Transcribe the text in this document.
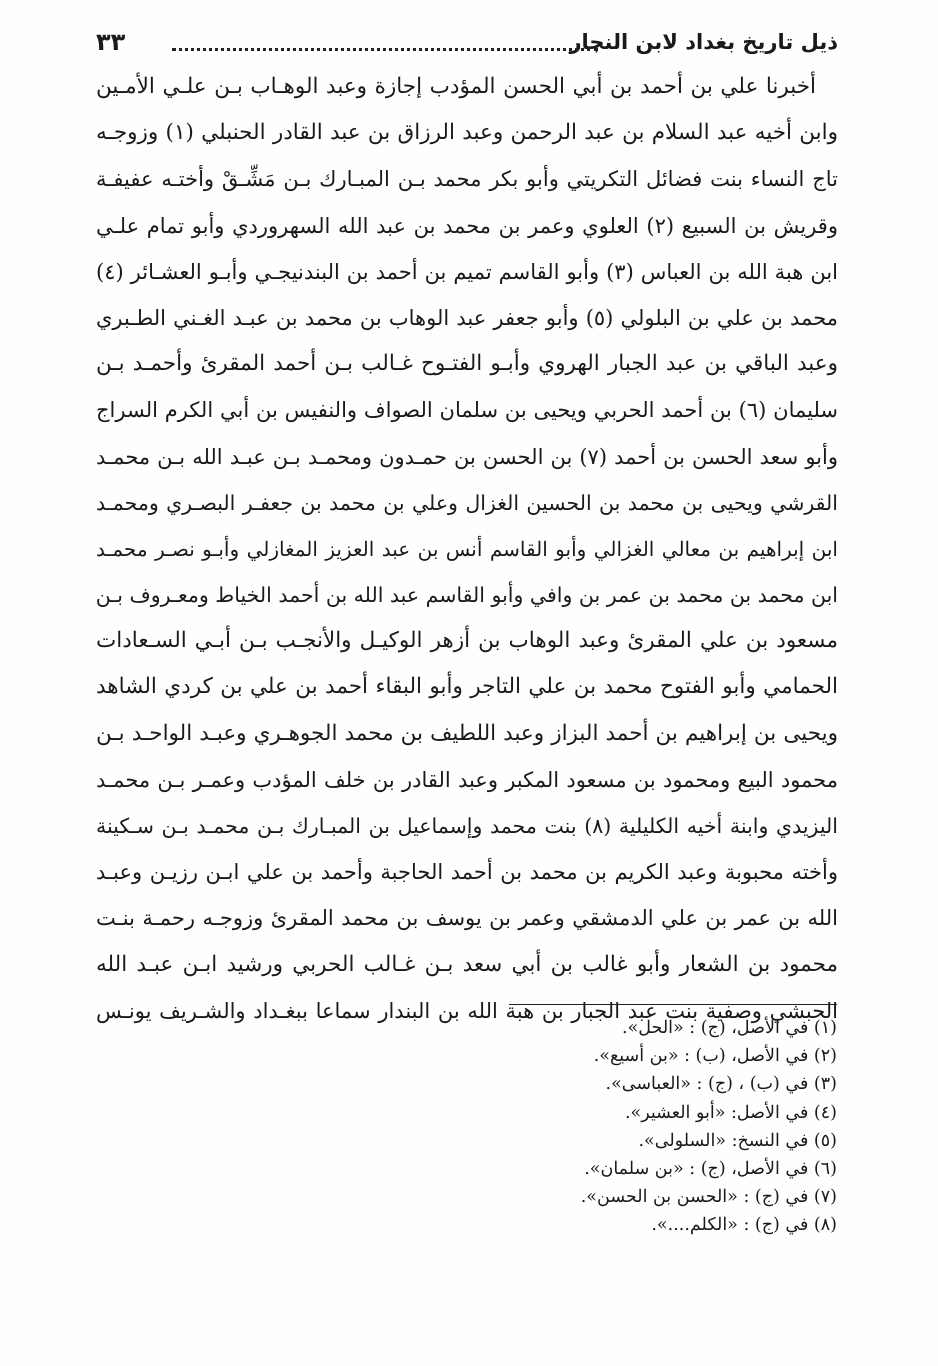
ذيل تاريخ بغداد لابن النجار
٣٣
أخبرنا علي بن أحمد بن أبي الحسن المؤدب إجازة وعبد الوهـاب بـن علـي الأمـين
وابن أخيه عبد السلام بن عبد الرحمن وعبد الرزاق بن عبد القادر الحنبلي (١) وزوجـه
تاج النساء بنت فضائل التكريتي وأبو بكر محمد بـن المبـارك بـن مَشِّـقْ وأختـه عفيفـة
وقريش بن السبيع (٢) العلوي وعمر بن محمد بن عبد الله السهروردي وأبو تمام علـي
ابن هبة الله بن العباس (٣) وأبو القاسم تميم بن أحمد بن البندنيجـي وأبـو العشـائر (٤)
محمد بن علي بن البلولي (٥) وأبو جعفر عبد الوهاب بن محمد بن عبـد الغـني الطـبري
وعبد الباقي بن عبد الجبار الهروي وأبـو الفتـوح غـالب بـن أحمد المقرئ وأحمـد بـن
سليمان (٦) بن أحمد الحربي ويحيى بن سلمان الصواف والنفيس بن أبي الكرم السراج
وأبو سعد الحسن بن أحمد (٧) بن الحسن بن حمـدون ومحمـد بـن عبـد الله بـن محمـد
القرشي ويحيى بن محمد بن الحسين الغزال وعلي بن محمد بن جعفـر البصـري ومحمـد
ابن إبراهيم بن معالي الغزالي وأبو القاسم أنس بن عبد العزيز المغازلي وأبـو نصـر محمـد
ابن محمد بن محمد بن عمر بن وافي وأبو القاسم عبد الله بن أحمد الخياط ومعـروف بـن
مسعود بن علي المقرئ وعبد الوهاب بن أزهر الوكيـل والأنجـب بـن أبـي السـعادات
الحمامي وأبو الفتوح محمد بن علي التاجر وأبو البقاء أحمد بن علي بن كردي الشاهد
ويحيى بن إبراهيم بن أحمد البزاز وعبد اللطيف بن محمد الجوهـري وعبـد الواحـد بـن
محمود البيع ومحمود بن مسعود المكبر وعبد القادر بن خلف المؤدب وعمـر بـن محمـد
اليزيدي وابنة أخيه الكليلية (٨) بنت محمد وإسماعيل بن المبـارك بـن محمـد بـن سـكينة
وأخته محبوبة وعبد الكريم بن محمد بن أحمد الحاجبة وأحمد بن علي ابـن رزيـن وعبـد
الله بن عمر بن علي الدمشقي وعمر بن يوسف بن محمد المقرئ وزوجـه رحمـة بنـت
محمود بن الشعار وأبو غالب بن أبي سعد بـن غـالب الحربي ورشيد ابـن عبـد الله
الحبشي وصفية بنت عبد الجبار بن هبة الله بن البندار سماعا ببغـداد والشـريف يونـس
(١) في الأصل، (ج) : «الحل».
(٢) في الأصل، (ب) : «بن أسيع».
(٣) في (ب) ، (ج) : «العباسى».
(٤) في الأصل: «أبو العشير».
(٥) في النسخ: «السلولى».
(٦) في الأصل، (ج) : «بن سلمان».
(٧) في (ج) : «الحسن بن الحسن».
(٨) في (ج) : «الكلم....».
